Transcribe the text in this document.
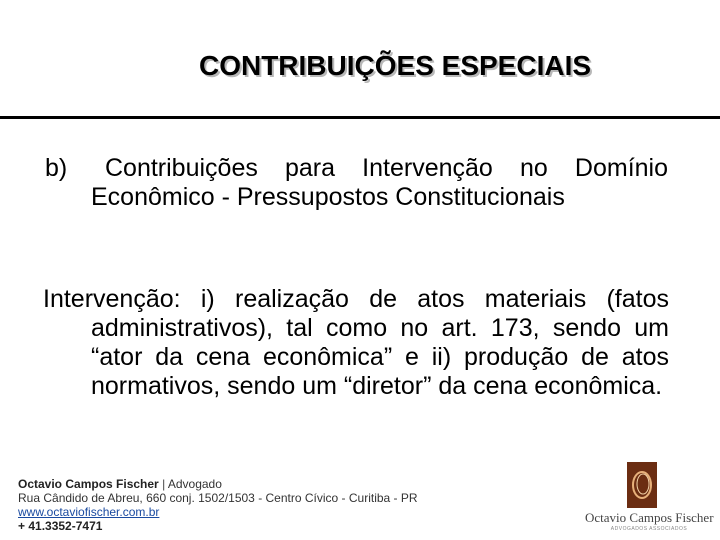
CONTRIBUIÇÕES ESPECIAIS
b)	Contribuições para Intervenção no Domínio Econômico - Pressupostos Constitucionais
Intervenção: i) realização de atos materiais (fatos administrativos), tal como no art. 173, sendo um “ator da cena econômica” e ii) produção de atos normativos, sendo um “diretor” da cena econômica.
Octavio Campos Fischer | Advogado
Rua Cândido de Abreu, 660 conj. 1502/1503 - Centro Cívico - Curitiba - PR
www.octaviofischer.com.br
+ 41.3352-7471
Octavio Campos Fischer
ADVOGADOS ASSOCIADOS
